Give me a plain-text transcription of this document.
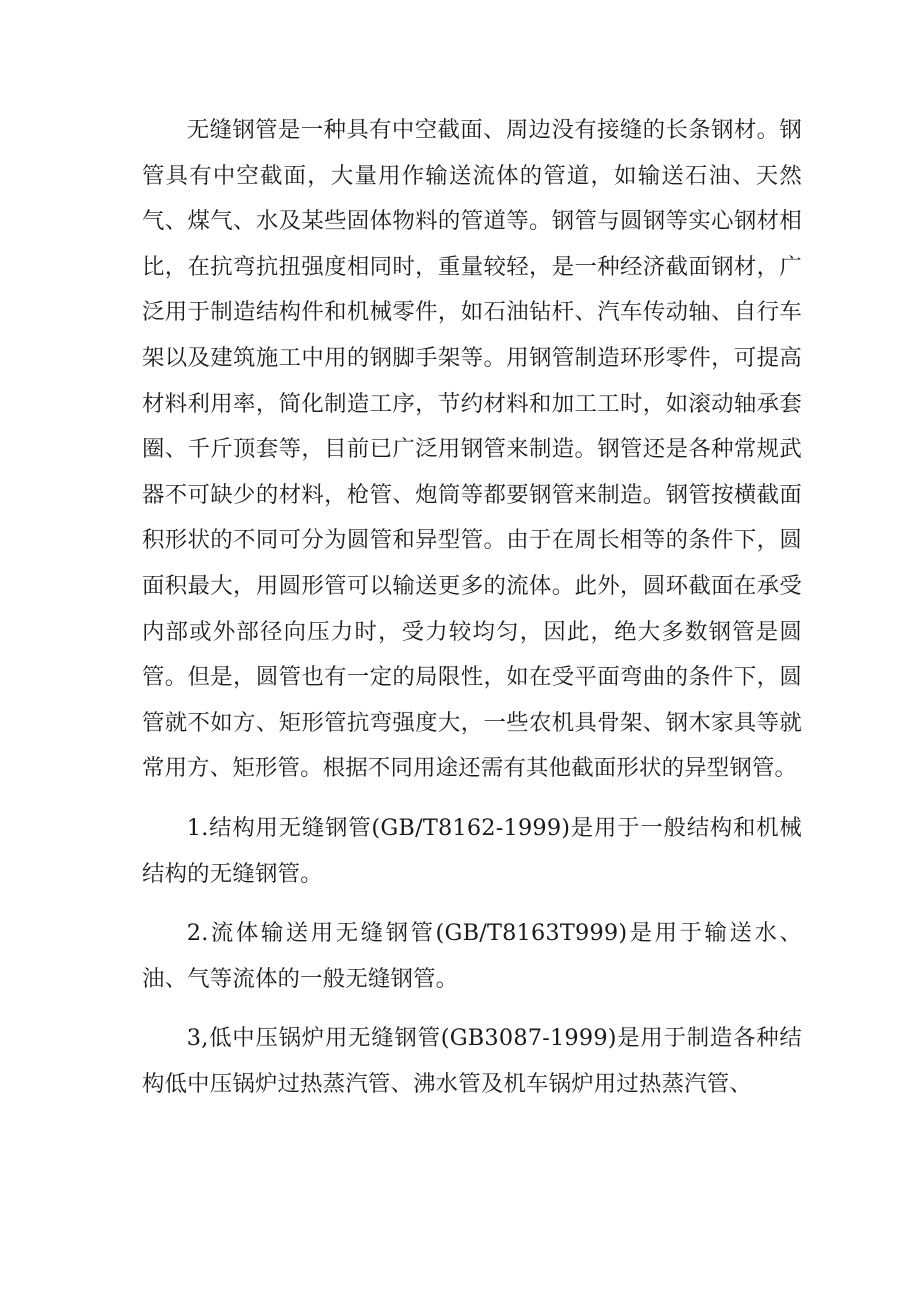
无缝钢管是一种具有中空截面、周边没有接缝的长条钢材。钢管具有中空截面，大量用作输送流体的管道，如输送石油、天然气、煤气、水及某些固体物料的管道等。钢管与圆钢等实心钢材相比，在抗弯抗扭强度相同时，重量较轻，是一种经济截面钢材，广泛用于制造结构件和机械零件，如石油钻杆、汽车传动轴、自行车架以及建筑施工中用的钢脚手架等。用钢管制造环形零件，可提高材料利用率，简化制造工序，节约材料和加工工时，如滚动轴承套圈、千斤顶套等，目前已广泛用钢管来制造。钢管还是各种常规武器不可缺少的材料，枪管、炮筒等都要钢管来制造。钢管按横截面积形状的不同可分为圆管和异型管。由于在周长相等的条件下，圆面积最大，用圆形管可以输送更多的流体。此外，圆环截面在承受内部或外部径向压力时，受力较均匀，因此，绝大多数钢管是圆管。但是，圆管也有一定的局限性，如在受平面弯曲的条件下，圆管就不如方、矩形管抗弯强度大，一些农机具骨架、钢木家具等就常用方、矩形管。根据不同用途还需有其他截面形状的异型钢管。

1.结构用无缝钢管(GB/T8162-1999)是用于一般结构和机械结构的无缝钢管。

2.流体输送用无缝钢管(GB/T8163T999)是用于输送水、油、气等流体的一般无缝钢管。

3,低中压锅炉用无缝钢管(GB3087-1999)是用于制造各种结构低中压锅炉过热蒸汽管、沸水管及机车锅炉用过热蒸汽管、
